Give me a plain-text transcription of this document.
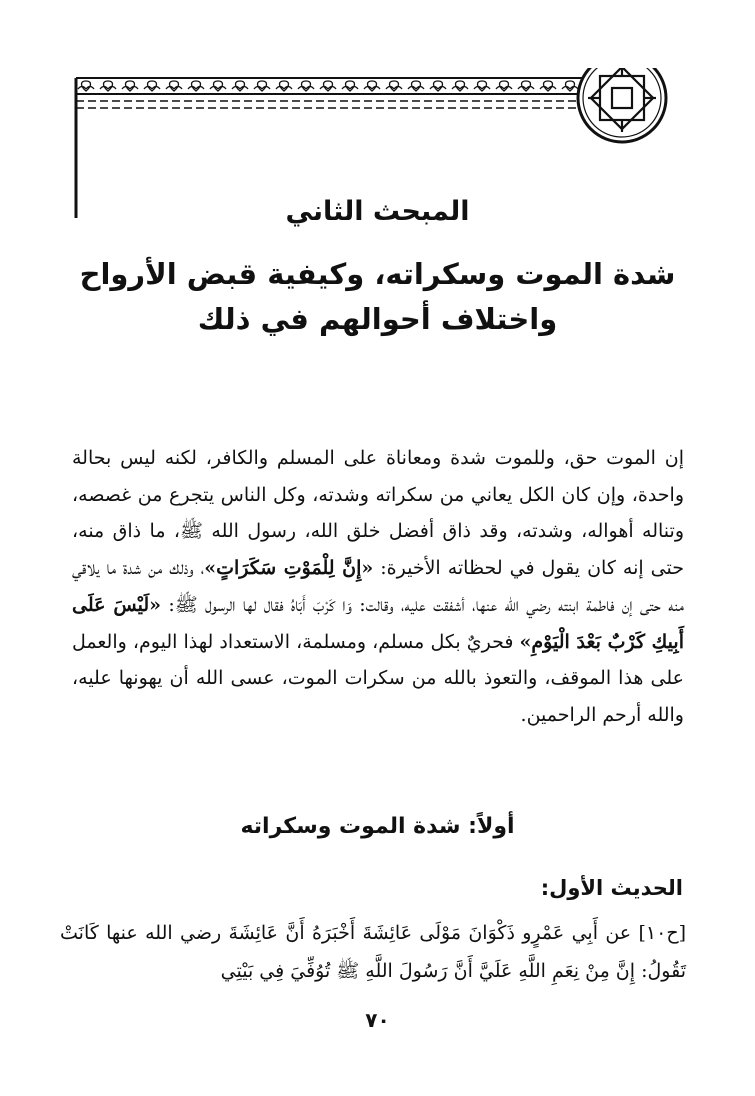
المبحث الثاني
شدة الموت وسكراته، وكيفية قبض الأرواح
واختلاف أحوالهم في ذلك
إن الموت حق، وللموت شدة ومعاناة على المسلم والكافر، لكنه ليس بحالة واحدة، وإن كان الكل يعاني من سكراته وشدته، وكل الناس يتجرع من غصصه، وتناله أهواله، وشدته، وقد ذاق أفضل خلق الله، رسول الله ﷺ، ما ذاق منه، حتى إنه كان يقول في لحظاته الأخيرة: «إِنَّ لِلْمَوْتِ سَكَرَاتٍ»، وذلك من شدة ما يلاقي منه حتى إن فاطمة ابنته رضي الله عنها، أشفقت عليه، وقالت: وَا كَرْبَ أَبَاهُ فقال لها الرسول ﷺ: «لَيْسَ عَلَى أَبِيكِ كَرْبٌ بَعْدَ الْيَوْمِ» فحريٌ بكل مسلم، ومسلمة، الاستعداد لهذا اليوم، والعمل على هذا الموقف، والتعوذ بالله من سكرات الموت، عسى الله أن يهونها عليه، والله أرحم الراحمين.
أولاً: شدة الموت وسكراته
الحديث الأول:
[ح١٠] عن أَبِي عَمْرٍو ذَكْوَانَ مَوْلَى عَائِشَةَ أَخْبَرَهُ أَنَّ عَائِشَةَ رضي الله عنها كَانَتْ تَقُولُ: إِنَّ مِنْ نِعَمِ اللَّهِ عَلَيَّ أَنَّ رَسُولَ اللَّهِ ﷺ تُوُفِّيَ فِي بَيْتِي
٧٠
